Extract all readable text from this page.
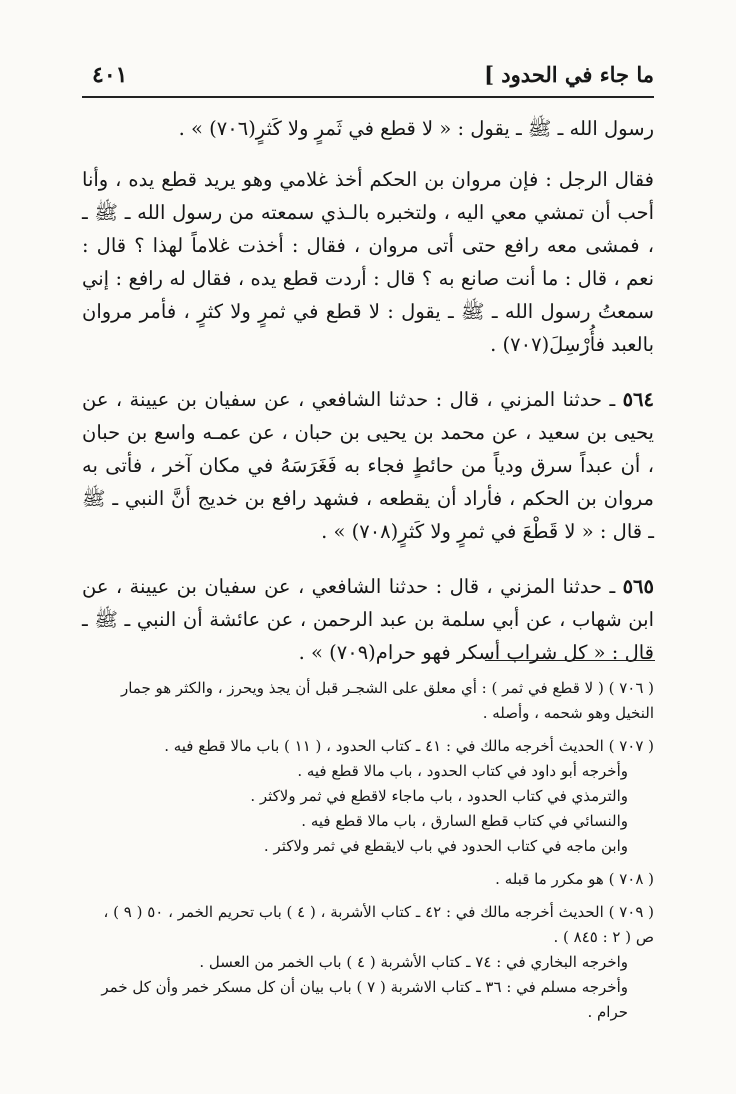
٤٠١	ما جاء في الحدود ]

رسول الله ـ ﷺ ـ يقول : « لا قطع في ثَمرٍ ولا كَثرٍ(٧٠٦) » .

فقال الرجل : فإن مروان بن الحكم أخذ غلامي وهو يريد قطع يده ، وأنا أحب أن تمشي معي اليه ، ولتخبره بالـذي سمعته من رسول الله ـ ﷺ ـ ، فمشى معه رافع حتى أتى مروان ، فقال : أخذت غلاماً لهذا ؟ قال : نعم ، قال : ما أنت صانع به ؟ قال : أردت قطع يده ، فقال له رافع : إني سمعتُ رسول الله ـ ﷺ ـ يقول : لا قطع في ثمرٍ ولا كثرٍ ، فأمر مروان بالعبد فأُرْسِلَ(٧٠٧) .

٥٦٤ ـ حدثنا المزني ، قال : حدثنا الشافعي ، عن سفيان بن عيينة ، عن يحيى بن سعيد ، عن محمد بن يحيى بن حبان ، عن عمـه واسع بن حبان ، أن عبداً سرق ودياً من حائطٍ فجاء به فَغَرَسَهُ في مكان آخر ، فأتى به مروان بن الحكم ، فأراد أن يقطعه ، فشهد رافع بن خديج أنَّ النبي ـ ﷺ ـ قال : « لا قَطْعَ في ثمرٍ ولا كَثرٍ(٧٠٨) » .

٥٦٥ ـ حدثنا المزني ، قال : حدثنا الشافعي ، عن سفيان بن عيينة ، عن ابن شهاب ، عن أبي سلمة بن عبد الرحمن ، عن عائشة أن النبي ـ ﷺ ـ قال : « كل شراب أسكر فهو حرام(٧٠٩) » .

( ٧٠٦ ) ( لا قطع في ثمر ) : أي معلق على الشجـر قبل أن يجذ ويحرز ، والكثر هو جمار النخيل وهو شحمه ، وأصله .

( ٧٠٧ ) الحديث أخرجه مالك في : ٤١ ـ كتاب الحدود ، ( ١١ ) باب مالا قطع فيه .

وأخرجه أبو داود في كتاب الحدود ، باب مالا قطع فيه .

والترمذي في كتاب الحدود ، باب ماجاء لاقطع في ثمر ولاكثر .

والنسائي في كتاب قطع السارق ، باب مالا قطع فيه .

وابن ماجه في كتاب الحدود في باب لايقطع في ثمر ولاكثر .

( ٧٠٨ ) هو مكرر ما قبله .

( ٧٠٩ ) الحديث أخرجه مالك في : ٤٢ ـ كتاب الأشربة ، ( ٤ ) باب تحريم الخمر ، ٥٠ ( ٩ ) ، ص ( ٢ : ٨٤٥ ) .

واخرجه البخاري في : ٧٤ ـ كتاب الأشربة ( ٤ ) باب الخمر من العسل .

وأخرجه مسلم في : ٣٦ ـ كتاب الاشربة ( ٧ ) باب بيان أن كل مسكر خمر وأن كل خمر حرام .
